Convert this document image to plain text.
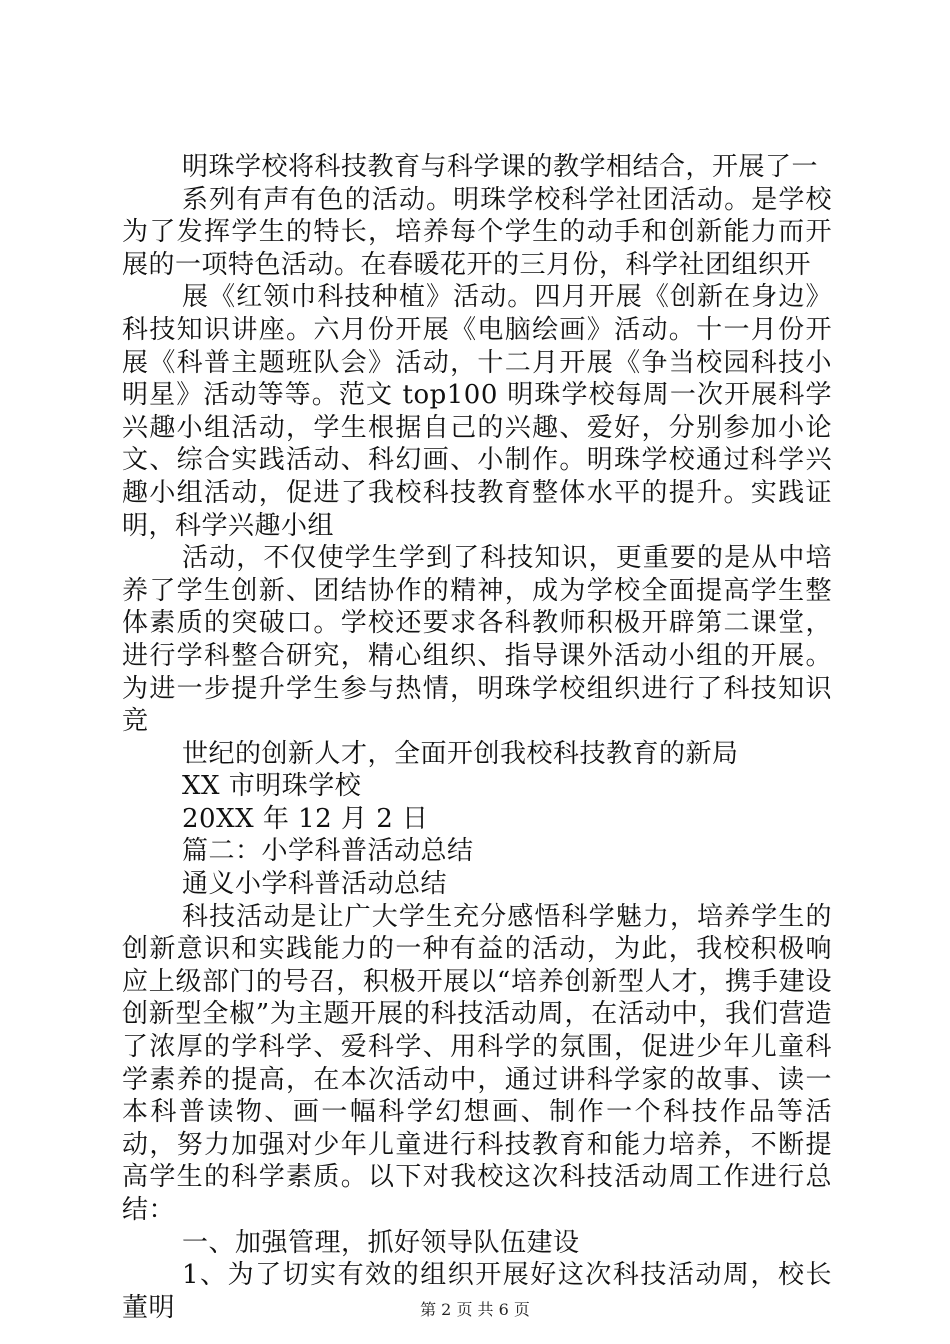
明珠学校将科技教育与科学课的教学相结合，开展了一

系列有声有色的活动。明珠学校科学社团活动。是学校为了发挥学生的特长，培养每个学生的动手和创新能力而开展的一项特色活动。在春暖花开的三月份，科学社团组织开

展《红领巾科技种植》活动。四月开展《创新在身边》科技知识讲座。六月份开展《电脑绘画》活动。十一月份开展《科普主题班队会》活动，十二月开展《争当校园科技小明星》活动等等。范文 top100 明珠学校每周一次开展科学兴趣小组活动，学生根据自己的兴趣、爱好，分别参加小论文、综合实践活动、科幻画、小制作。明珠学校通过科学兴趣小组活动，促进了我校科技教育整体水平的提升。实践证明，科学兴趣小组

活动，不仅使学生学到了科技知识，更重要的是从中培养了学生创新、团结协作的精神，成为学校全面提高学生整体素质的突破口。学校还要求各科教师积极开辟第二课堂，进行学科整合研究，精心组织、指导课外活动小组的开展。为进一步提升学生参与热情，明珠学校组织进行了科技知识竞

世纪的创新人才，全面开创我校科技教育的新局

XX 市明珠学校

20XX 年 12 月 2 日

篇二：小学科普活动总结

通义小学科普活动总结

科技活动是让广大学生充分感悟科学魅力，培养学生的创新意识和实践能力的一种有益的活动，为此，我校积极响应上级部门的号召，积极开展以“培养创新型人才，携手建设创新型全椒”为主题开展的科技活动周，在活动中，我们营造了浓厚的学科学、爱科学、用科学的氛围，促进少年儿童科学素养的提高，在本次活动中，通过讲科学家的故事、读一本科普读物、画一幅科学幻想画、制作一个科技作品等活动，努力加强对少年儿童进行科技教育和能力培养，不断提高学生的科学素质。以下对我校这次科技活动周工作进行总结：

一、加强管理，抓好领导队伍建设

1、为了切实有效的组织开展好这次科技活动周，校长董明	第 2 页 共 6 页
